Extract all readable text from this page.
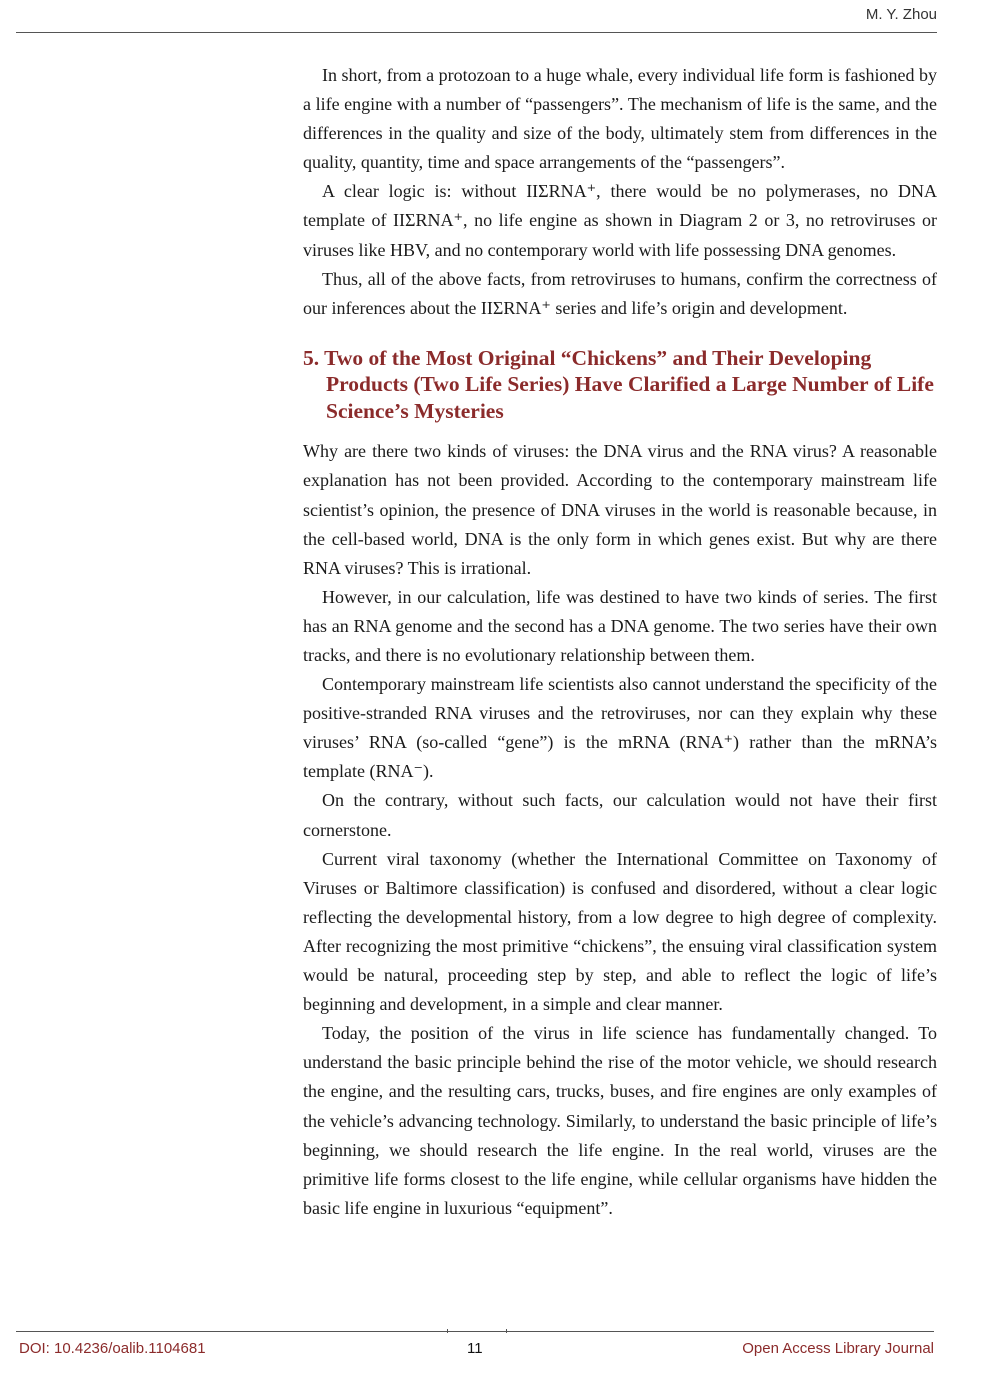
M. Y. Zhou

In short, from a protozoan to a huge whale, every individual life form is fashioned by a life engine with a number of “passengers”. The mechanism of life is the same, and the differences in the quality and size of the body, ultimately stem from differences in the quality, quantity, time and space arrangements of the “passengers”.

A clear logic is: without IIΣRNA⁺, there would be no polymerases, no DNA template of IIΣRNA⁺, no life engine as shown in Diagram 2 or 3, no retroviruses or viruses like HBV, and no contemporary world with life possessing DNA genomes.

Thus, all of the above facts, from retroviruses to humans, confirm the correctness of our inferences about the IIΣRNA⁺ series and life’s origin and development.

5. Two of the Most Original “Chickens” and Their Developing Products (Two Life Series) Have Clarified a Large Number of Life Science’s Mysteries

Why are there two kinds of viruses: the DNA virus and the RNA virus? A reasonable explanation has not been provided. According to the contemporary mainstream life scientist’s opinion, the presence of DNA viruses in the world is reasonable because, in the cell-based world, DNA is the only form in which genes exist. But why are there RNA viruses? This is irrational.

However, in our calculation, life was destined to have two kinds of series. The first has an RNA genome and the second has a DNA genome. The two series have their own tracks, and there is no evolutionary relationship between them.

Contemporary mainstream life scientists also cannot understand the specificity of the positive-stranded RNA viruses and the retroviruses, nor can they explain why these viruses’ RNA (so-called “gene”) is the mRNA (RNA⁺) rather than the mRNA’s template (RNA⁻).

On the contrary, without such facts, our calculation would not have their first cornerstone.

Current viral taxonomy (whether the International Committee on Taxonomy of Viruses or Baltimore classification) is confused and disordered, without a clear logic reflecting the developmental history, from a low degree to high degree of complexity. After recognizing the most primitive “chickens”, the ensuing viral classification system would be natural, proceeding step by step, and able to reflect the logic of life’s beginning and development, in a simple and clear manner.

Today, the position of the virus in life science has fundamentally changed. To understand the basic principle behind the rise of the motor vehicle, we should research the engine, and the resulting cars, trucks, buses, and fire engines are only examples of the vehicle’s advancing technology. Similarly, to understand the basic principle of life’s beginning, we should research the life engine. In the real world, viruses are the primitive life forms closest to the life engine, while cellular organisms have hidden the basic life engine in luxurious “equipment”.

DOI: 10.4236/oalib.1104681	11	Open Access Library Journal
